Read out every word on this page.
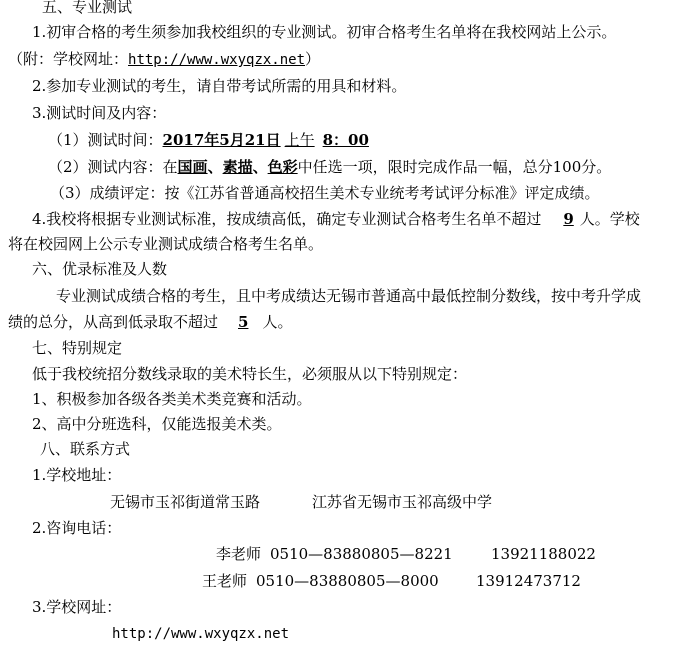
五、专业测试
1.初审合格的考生须参加我校组织的专业测试。初审合格考生名单将在我校网站上公示。
（附：学校网址：http://www.wxyqzx.net）
2.参加专业测试的考生，请自带考试所需的用具和材料。
3.测试时间及内容：
（1）测试时间：2017年5月21日 上午 8：00
（2）测试内容：在国画、素描、色彩中任选一项，限时完成作品一幅，总分100分。
（3）成绩评定：按《江苏省普通高校招生美术专业统考考试评分标准》评定成绩。
4.我校将根据专业测试标准，按成绩高低，确定专业测试合格考生名单不超过 9 人。学校
将在校园网上公示专业测试成绩合格考生名单。
六、优录标准及人数
专业测试成绩合格的考生，且中考成绩达无锡市普通高中最低控制分数线，按中考升学成
绩的总分，从高到低录取不超过 5 人。
七、特别规定
低于我校统招分数线录取的美术特长生，必须服从以下特别规定：
1、积极参加各级各类美术类竞赛和活动。
2、高中分班选科，仅能选报美术类。
八、联系方式
1.学校地址：
无锡市玉祁街道常玉路	江苏省无锡市玉祁高级中学
2.咨询电话：
李老师 0510—83880805—8221	13921188022
王老师 0510—83880805—8000 13912473712
3.学校网址：
http://www.wxyqzx.net
